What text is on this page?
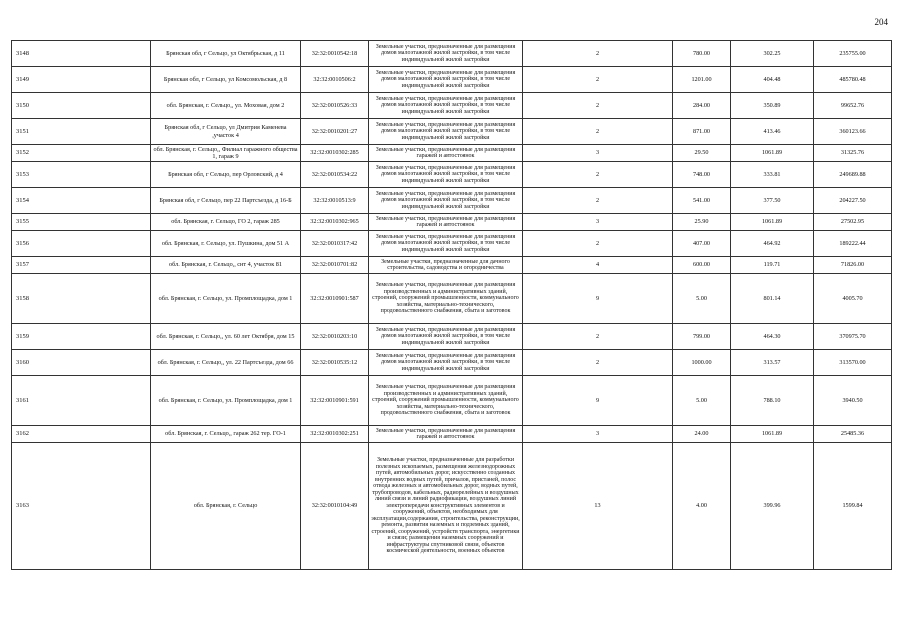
204
3148	Брянская обл, г Сельцо, ул Октябрьская, д 11	32:32:0010542:18	Земельные участки, предназначенные для размещения домов малоэтажной жилой застройки, в том числе индивидуальной жилой застройки	2	780.00	302.25	235755.00
3149	Брянская обл, г Сельцо, ул Комсомольская, д 8	32:32:0010506:2	Земельные участки, предназначенные для размещения домов малоэтажной жилой застройки, в том числе индивидуальной жилой застройки	2	1201.00	404.48	485780.48
3150	обл. Брянская, г. Сельцо,, ул. Моховая, дом 2	32:32:0010526:33	Земельные участки, предназначенные для размещения домов малоэтажной жилой застройки, в том числе индивидуальной жилой застройки	2	284.00	350.89	99652.76
3151	Брянская обл, г Сельцо, ул Дмитрия Каменева ,участок 4	32:32:0010201:27	Земельные участки, предназначенные для размещения домов малоэтажной жилой застройки, в том числе индивидуальной жилой застройки	2	871.00	413.46	360123.66
3152	обл. Брянская, г. Сельцо,, Филиал гаражного общества 1, гараж 9	32:32:0010302:285	Земельные участки, предназначенные для размещения гаражей и автостоянок	3	29.50	1061.89	31325.76
3153	Брянская обл, г Сельцо, пер Орловский, д 4	32:32:0010534:22	Земельные участки, предназначенные для размещения домов малоэтажной жилой застройки, в том числе индивидуальной жилой застройки	2	748.00	333.81	249689.88
3154	Брянская обл, г Сельцо, пер 22 Партсъезда, д 16-Б	32:32:0010513:9	Земельные участки, предназначенные для размещения домов малоэтажной жилой застройки, в том числе индивидуальной жилой застройки	2	541.00	377.50	204227.50
3155	обл. Брянская, г. Сельцо, ГО 2, гараж 285	32:32:0010302:965	Земельные участки, предназначенные для размещения гаражей и автостоянок	3	25.90	1061.89	27502.95
3156	обл. Брянская, г. Сельцо, ул. Пушкина, дом 51 А	32:32:0010317:42	Земельные участки, предназначенные для размещения домов малоэтажной жилой застройки, в том числе индивидуальной жилой застройки	2	407.00	464.92	189222.44
3157	обл. Брянская, г. Сельцо,, снт 4, участок 81	32:32:0010701:82	Земельные участки, предназначенные для дачного строительства, садоводства и огородничества	4	600.00	119.71	71826.00
3158	обл. Брянская, г. Сельцо, ул. Промплощадка, дом 1	32:32:0010901:587	Земельные участки, предназначенные для размещения производственных и административных зданий, строений, сооружений промышленности, коммунального хозяйства, материально-технического, продовольственного снабжения, сбыта и заготовок	9	5.00	801.14	4005.70
3159	обл. Брянская, г. Сельцо,, ул. 60 лет Октября, дом 15	32:32:0010203:10	Земельные участки, предназначенные для размещения домов малоэтажной жилой застройки, в том числе индивидуальной жилой застройки	2	799.00	464.30	370975.70
3160	обл. Брянская, г. Сельцо,, ул. 22 Партсъезда, дом 66	32:32:0010535:12	Земельные участки, предназначенные для размещения домов малоэтажной жилой застройки, в том числе индивидуальной жилой застройки	2	1000.00	313.57	313570.00
3161	обл. Брянская, г. Сельцо, ул. Промплощадка, дом 1	32:32:0010901:591	Земельные участки, предназначенные для размещения производственных и административных зданий, строений, сооружений промышленности, коммунального хозяйства, материально-технического, продовольственного снабжения, сбыта и заготовок	9	5.00	788.10	3940.50
3162	обл. Брянская, г. Сельцо,, гараж 262 тер. ГО-1	32:32:0010302:251	Земельные участки, предназначенные для размещения гаражей и автостоянок	3	24.00	1061.89	25485.36
3163	обл. Брянская, г. Сельцо	32:32:0010104:49	Земельные участки, предназначенные для разработки полезных ископаемых, размещения железнодорожных путей, автомобильных дорог, искусственно созданных внутренних водных путей, причалов, пристаней, полос отвода железных и автомобильных дорог, водных путей, трубопроводов, кабельных, радиорелейных и воздушных линий связи и линий радиофикации, воздушных линий электропередачи конструктивных элементов и сооружений, объектов, необходимых для эксплуатации,содержания, строительства, реконструкции, ремонта, развития наземных и подземных зданий, строений, сооружений, устройств транспорта, энергетики и связи; размещения наземных сооружений и инфраструктуры спутниковой связи, объектов космической деятельности, военных объектов	13	4.00	399.96	1599.84
